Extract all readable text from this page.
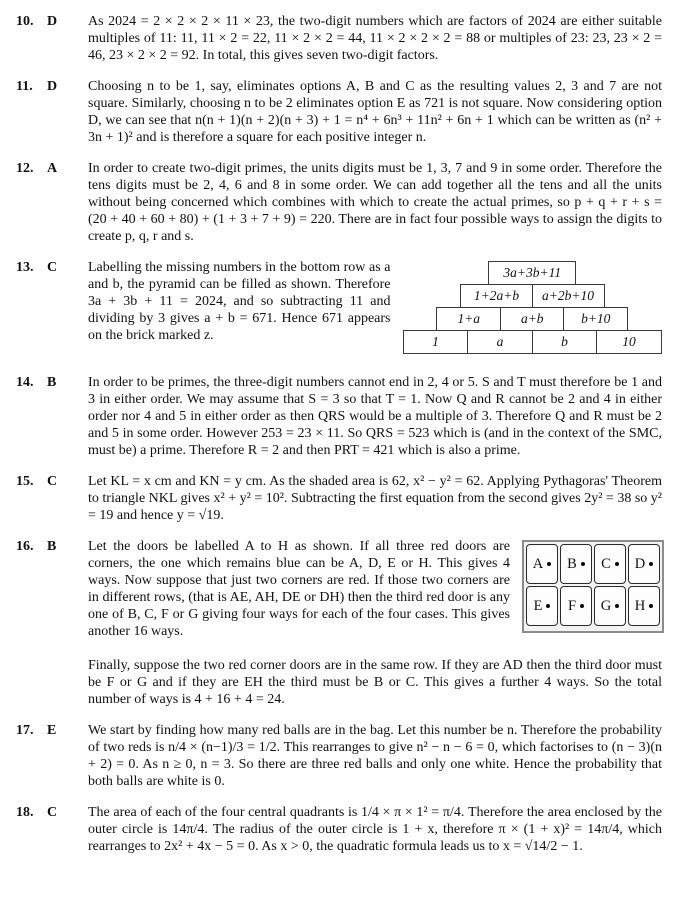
10. D	As 2024 = 2 × 2 × 2 × 11 × 23, the two-digit numbers which are factors of 2024 are either suitable multiples of 11: 11, 11 × 2 = 22, 11 × 2 × 2 = 44, 11 × 2 × 2 × 2 = 88 or multiples of 23: 23, 23 × 2 = 46, 23 × 2 × 2 = 92. In total, this gives seven two-digit factors.

11.	D	Choosing n to be 1, say, eliminates options A, B and C as the resulting values 2, 3 and 7 are not square. Similarly, choosing n to be 2 eliminates option E as 721 is not square. Now considering option D, we can see that n(n + 1)(n + 2)(n + 3) + 1 = n⁴ + 6n³ + 11n² + 6n + 1 which can be written as (n² + 3n + 1)² and is therefore a square for each positive integer n.

12. A	In order to create two-digit primes, the units digits must be 1, 3, 7 and 9 in some order. Therefore the tens digits must be 2, 4, 6 and 8 in some order. We can add together all the tens and all the units without being concerned which combines with which to create the actual primes, so p + q + r + s = (20 + 40 + 60 + 80) + (1 + 3 + 7 + 9) = 220. There are in fact four possible ways to assign the digits to create p, q, r and s.

13. C	3a+3b+11
1+2a+b	a+2b+10
1+a	a+b	b+10
1	a	b	10

Labelling the missing numbers in the bottom row as a and b, the pyramid can be filled as shown. Therefore 3a + 3b + 11 = 2024, and so subtracting 11 and dividing by 3 gives a + b = 671. Hence 671 appears on the brick marked z.

14. B	In order to be primes, the three-digit numbers cannot end in 2, 4 or 5. S and T must therefore be 1 and 3 in either order. We may assume that S = 3 so that T = 1. Now Q and R cannot be 2 and 4 in either order nor 4 and 5 in either order as then QRS would be a multiple of 3. Therefore Q and R must be 2 and 5 in some order. However 253 = 23 × 11. So QRS = 523 which is (and in the context of the SMC, must be) a prime. Therefore R = 2 and then PRT = 421 which is also a prime.

15. C	Let KL = x cm and KN = y cm. As the shaded area is 62, x² − y² = 62. Applying Pythagoras' Theorem to triangle NKL gives x² + y² = 10². Subtracting the first equation from the second gives 2y² = 38 so y² = 19 and hence y = √19.

16. B
A B C D
E F G H

Let the doors be labelled A to H as shown. If all three red doors are corners, the one which remains blue can be A, D, E or H. This gives 4 ways. Now suppose that just two corners are red. If those two corners are in different rows, (that is AE, AH, DE or DH) then the third red door is any one of B, C, F or G giving four ways for each of the four cases. This gives another 16 ways.

Finally, suppose the two red corner doors are in the same row. If they are AD then the third door must be F or G and if they are EH the third must be B or C. This gives a further 4 ways. So the total number of ways is 4 + 16 + 4 = 24.

17. E	We start by finding how many red balls are in the bag. Let this number be n. Therefore the probability of two reds is n/4 × (n−1)/3 = 1/2. This rearranges to give n² − n − 6 = 0, which factorises to (n − 3)(n + 2) = 0. As n ≥ 0, n = 3. So there are three red balls and only one white. Hence the probability that both balls are white is 0.

18. C	The area of each of the four central quadrants is 1/4 × π × 1² = π/4. Therefore the area enclosed by the outer circle is 14π/4. The radius of the outer circle is 1 + x, therefore π × (1 + x)² = 14π/4, which rearranges to 2x² + 4x − 5 = 0. As x > 0, the quadratic formula leads us to x = √14/2 − 1.
